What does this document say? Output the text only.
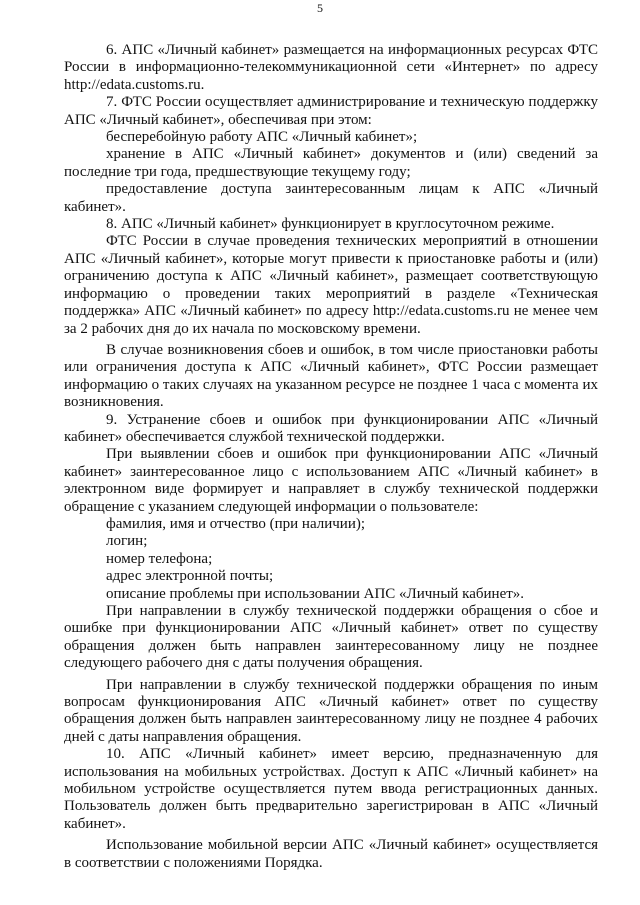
5

6. АПС «Личный кабинет» размещается на информационных ресурсах ФТС России в информационно-телекоммуникационной сети «Интернет» по адресу http://edata.customs.ru.

7. ФТС России осуществляет администрирование и техническую поддержку АПС «Личный кабинет», обеспечивая при этом:

бесперебойную работу АПС «Личный кабинет»;

хранение в АПС «Личный кабинет» документов и (или) сведений за последние три года, предшествующие текущему году;

предоставление доступа заинтересованным лицам к АПС «Личный кабинет».

8. АПС «Личный кабинет» функционирует в круглосуточном режиме.

ФТС России в случае проведения технических мероприятий в отношении АПС «Личный кабинет», которые могут привести к приостановке работы и (или) ограничению доступа к АПС «Личный кабинет», размещает соответствующую информацию о проведении таких мероприятий в разделе «Техническая поддержка» АПС «Личный кабинет» по адресу http://edata.customs.ru не менее чем за 2 рабочих дня до их начала по московскому времени.

В случае возникновения сбоев и ошибок, в том числе приостановки работы или ограничения доступа к АПС «Личный кабинет», ФТС России размещает информацию о таких случаях на указанном ресурсе не позднее 1 часа с момента их возникновения.

9. Устранение сбоев и ошибок при функционировании АПС «Личный кабинет» обеспечивается службой технической поддержки.

При выявлении сбоев и ошибок при функционировании АПС «Личный кабинет» заинтересованное лицо с использованием АПС «Личный кабинет» в электронном виде формирует и направляет в службу технической поддержки обращение с указанием следующей информации о пользователе:

фамилия, имя и отчество (при наличии);

логин;

номер телефона;

адрес электронной почты;

описание проблемы при использовании АПС «Личный кабинет».

При направлении в службу технической поддержки обращения о сбое и ошибке при функционировании АПС «Личный кабинет» ответ по существу обращения должен быть направлен заинтересованному лицу не позднее следующего рабочего дня с даты получения обращения.

При направлении в службу технической поддержки обращения по иным вопросам функционирования АПС «Личный кабинет» ответ по существу обращения должен быть направлен заинтересованному лицу не позднее 4 рабочих дней с даты направления обращения.

10. АПС «Личный кабинет» имеет версию, предназначенную для использования на мобильных устройствах. Доступ к АПС «Личный кабинет» на мобильном устройстве осуществляется путем ввода регистрационных данных. Пользователь должен быть предварительно зарегистрирован в АПС «Личный кабинет».

Использование мобильной версии АПС «Личный кабинет» осуществляется в соответствии с положениями Порядка.
